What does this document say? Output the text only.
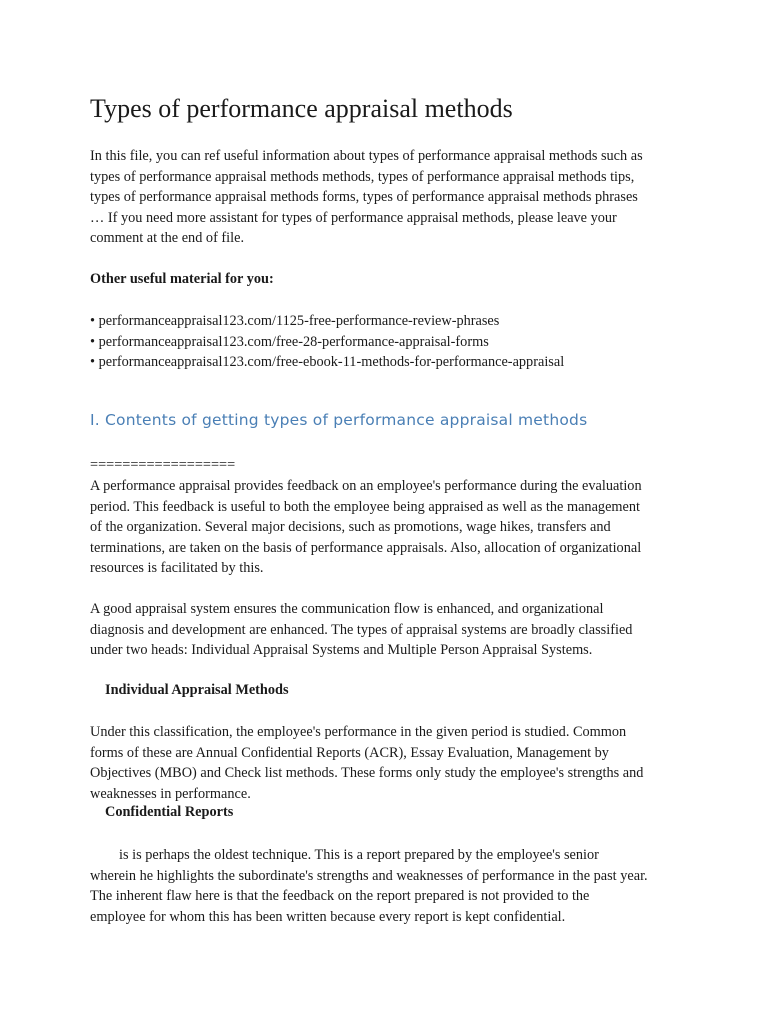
Types of performance appraisal methods

In this file, you can ref useful information about types of performance appraisal methods such as
types of performance appraisal methods methods, types of performance appraisal methods tips,
types of performance appraisal methods forms, types of performance appraisal methods phrases
… If you need more assistant for types of performance appraisal methods, please leave your
comment at the end of file.

Other useful material for you:

• performanceappraisal123.com/1125-free-performance-review-phrases
• performanceappraisal123.com/free-28-performance-appraisal-forms
• performanceappraisal123.com/free-ebook-11-methods-for-performance-appraisal
I. Contents of getting types of performance appraisal methods

==================

A performance appraisal provides feedback on an employee's performance during the evaluation
period. This feedback is useful to both the employee being appraised as well as the management
of the organization. Several major decisions, such as promotions, wage hikes, transfers and
terminations, are taken on the basis of performance appraisals. Also, allocation of organizational
resources is facilitated by this.

A good appraisal system ensures the communication flow is enhanced, and organizational
diagnosis and development are enhanced. The types of appraisal systems are broadly classified
under two heads: Individual Appraisal Systems and Multiple Person Appraisal Systems.

Individual Appraisal Methods

Under this classification, the employee's performance in the given period is studied. Common
forms of these are Annual Confidential Reports (ACR), Essay Evaluation, Management by
Objectives (MBO) and Check list methods. These forms only study the employee's strengths and
weaknesses in performance.

Confidential Reports

is is perhaps the oldest technique. This is a report prepared by the employee's senior
wherein he highlights the subordinate's strengths and weaknesses of performance in the past year.
The inherent flaw here is that the feedback on the report prepared is not provided to the
employee for whom this has been written because every report is kept confidential.
